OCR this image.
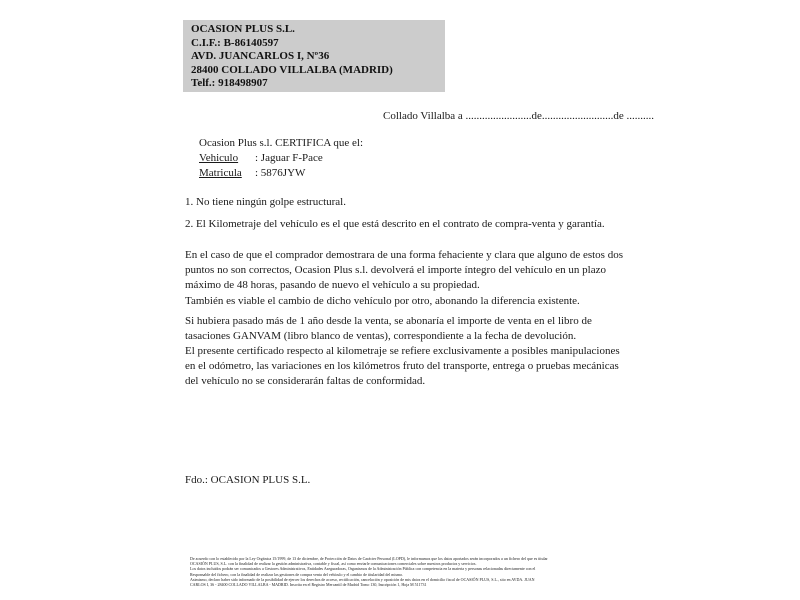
OCASION PLUS S.L.
C.I.F.: B-86140597
AVD. JUANCARLOS I, Nº36
28400 COLLADO VILLALBA (MADRID)
Telf.: 918498907
Collado Villalba a ........................de..........................de ..........
Ocasion Plus s.l. CERTIFICA que el:
Vehiculo : Jaguar F-Pace
Matricula : 5876JYW
1. No tiene ningún golpe estructural.
2. El Kilometraje del vehículo es el que está descrito en el contrato de compra-venta y garantía.
En el caso de que el comprador demostrara de una forma fehaciente y clara que alguno de estos dos puntos no son correctos, Ocasion Plus s.l. devolverá el importe íntegro del vehículo en un plazo máximo de 48 horas, pasando de nuevo el vehículo a su propiedad.
También es viable el cambio de dicho vehículo por otro, abonando la diferencia existente.
Si hubiera pasado más de 1 año desde la venta, se abonaría el importe de venta en el libro de tasaciones GANVAM (libro blanco de ventas), correspondiente a la fecha de devolución.
El presente certificado respecto al kilometraje se refiere exclusivamente a posibles manipulaciones en el odómetro, las variaciones en los kilómetros fruto del transporte, entrega o pruebas mecánicas del vehículo no se considerarán faltas de conformidad.
Fdo.: OCASION PLUS S.L.
De acuerdo con lo establecido por la Ley Orgánica 15/1999, de 13 de diciembre, de Protección de Datos de Carácter Personal (LOPD), le informamos que los datos aportados serán incorporados a un fichero del que es titular
OCASIÓN PLUS, S.L. con la finalidad de realizar la gestión administrativa, contable y fiscal, así como enviarle comunicaciones comerciales sobre nuestros productos y servicios.
Los datos incluidos podrán ser comunicados a Gestores Administrativos, Entidades Aseguradoras, Organismos de la Administración Pública con competencia en la materia y personas relacionadas directamente con el
Responsable del fichero, con la finalidad de realizar las gestiones de compra venta del vehículo y el cambio de titularidad del mismo.
Asimismo, declaro haber sido informado de la posibilidad de ejercer los derechos de acceso, rectificación, cancelación y oposición de mis datos en el domicilio fiscal de OCASIÓN PLUS, S.L., sito en AVDA. JUAN
CARLOS I, 36 - 28400 COLLADO VILLALBA - MADRID. Inscrita en el Registro Mercantil de Madrid Tomo 130, Inscripción 1, Hoja M 511731
